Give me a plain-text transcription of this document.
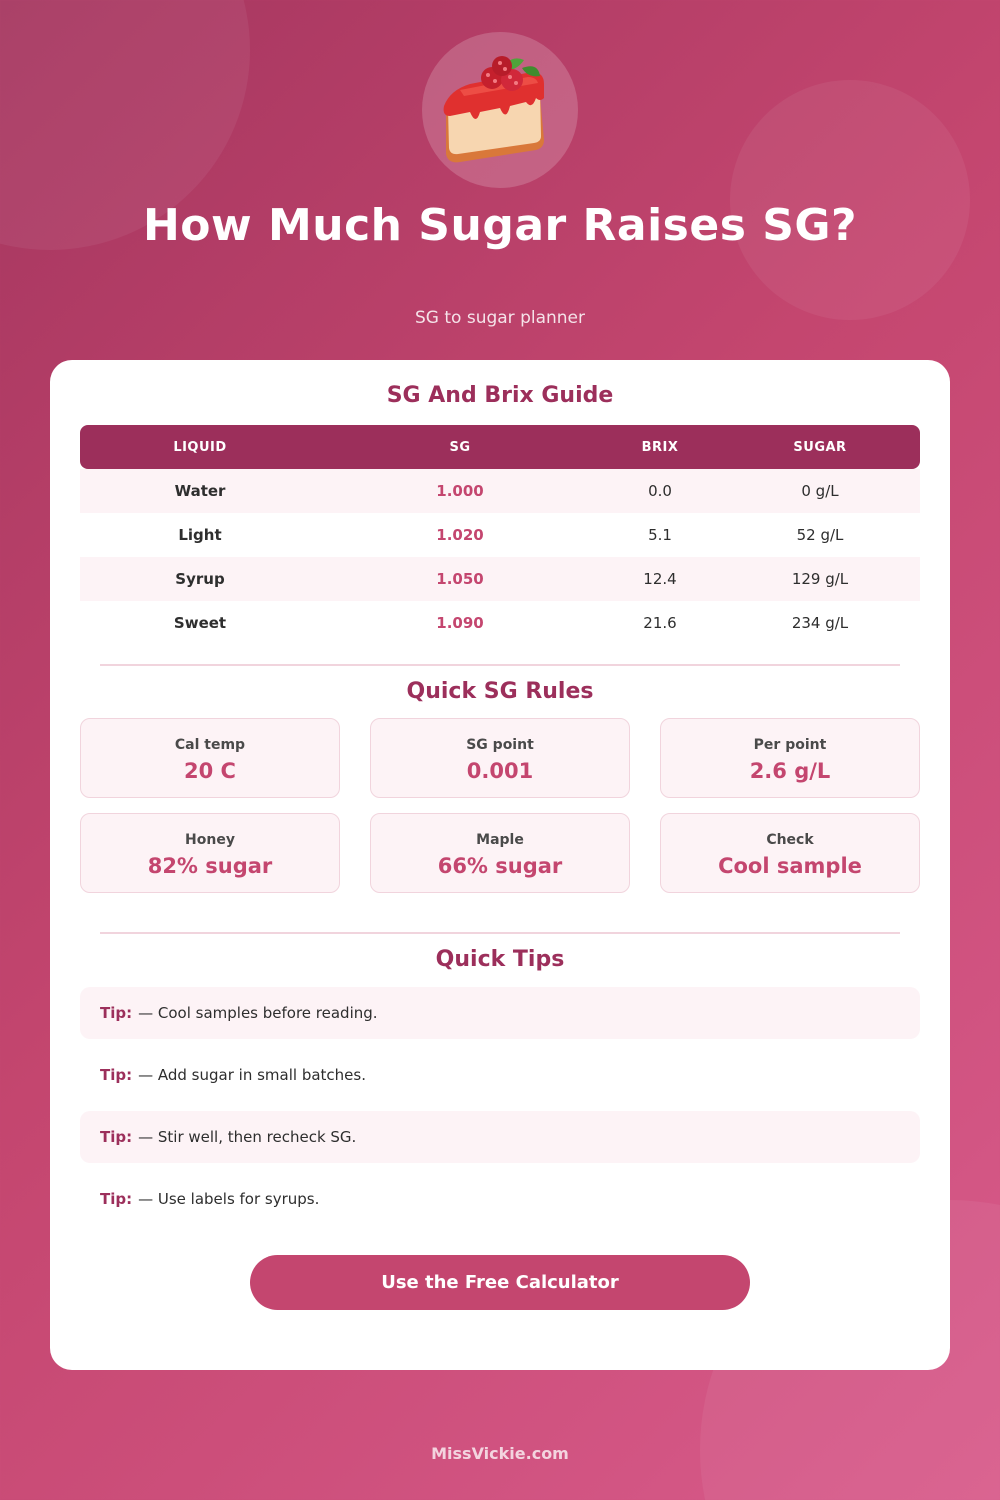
How Much Sugar Raises SG?
SG to sugar planner
SG And Brix Guide
LIQUID	SG	BRIX	SUGAR
Water	1.000	0.0	0 g/L
Light	1.020	5.1	52 g/L
Syrup	1.050	12.4	129 g/L
Sweet	1.090	21.6	234 g/L
Quick SG Rules
Cal temp
20 C
SG point
0.001
Per point
2.6 g/L
Honey
82% sugar
Maple
66% sugar
Check
Cool sample
Quick Tips
Tip: — Cool samples before reading.
Tip: — Add sugar in small batches.
Tip: — Stir well, then recheck SG.
Tip: — Use labels for syrups.
Use the Free Calculator
MissVickie.com
